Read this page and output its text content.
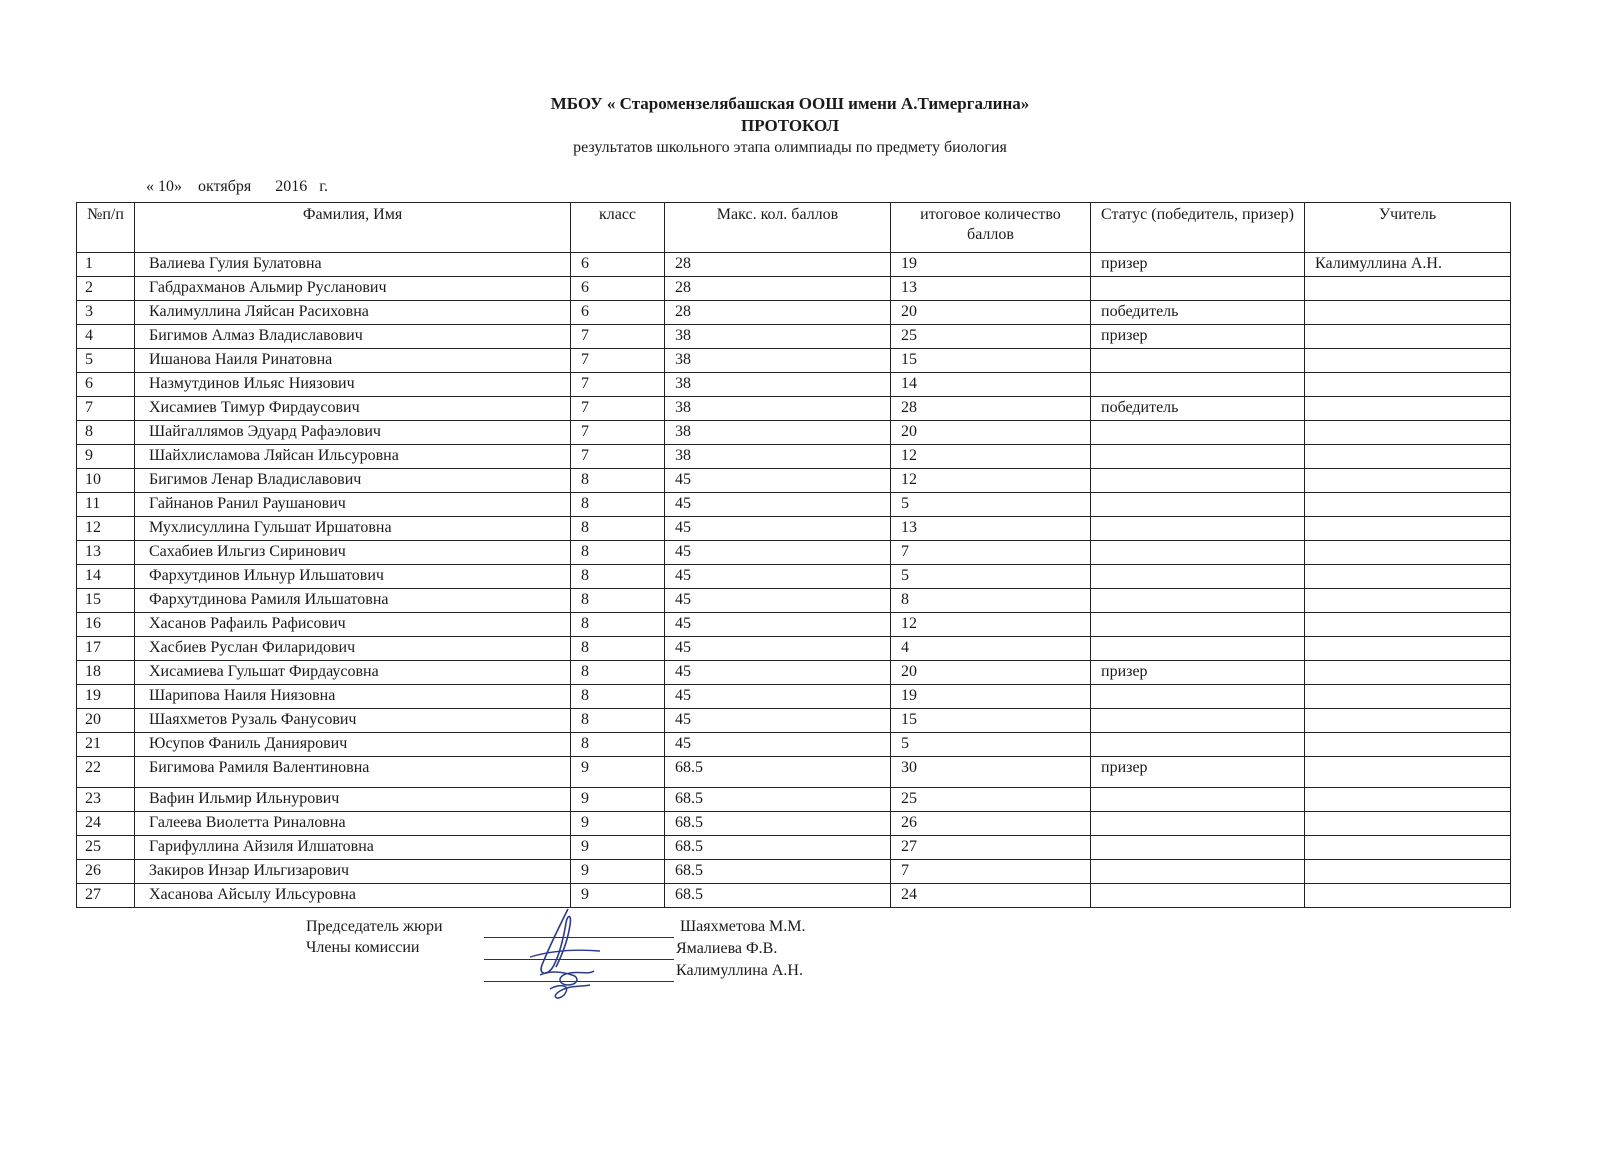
МБОУ « Старомензелябашская ООШ имени А.Тимергалина»
ПРОТОКОЛ
результатов школьного этапа олимпиады по предмету биология
« 10»    октября      2016   г.
№п/п	Фамилия, Имя	класс	Макс. кол. баллов	итоговое количество баллов	Статус (победитель, призер)	Учитель
1	Валиева Гулия Булатовна	6	28	19	призер	Калимуллина А.Н.
2	Габдрахманов Альмир Русланович	6	28	13		
3	Калимуллина Ляйсан Расиховна	6	28	20	победитель	
4	Бигимов Алмаз Владиславович	7	38	25	призер	
5	Ишанова Наиля Ринатовна	7	38	15		
6	Назмутдинов Ильяс Ниязович	7	38	14		
7	Хисамиев Тимур Фирдаусович	7	38	28	победитель	
8	Шайгаллямов Эдуард Рафаэлович	7	38	20		
9	Шайхлисламова Ляйсан Ильсуровна	7	38	12		
10	Бигимов Ленар Владиславович	8	45	12		
11	Гайнанов Ранил Раушанович	8	45	5		
12	Мухлисуллина Гульшат Иршатовна	8	45	13		
13	Сахабиев Ильгиз Сиринович	8	45	7		
14	Фархутдинов Ильнур Ильшатович	8	45	5		
15	Фархутдинова Рамиля Ильшатовна	8	45	8		
16	Хасанов Рафаиль Рафисович	8	45	12		
17	Хасбиев Руслан Филаридович	8	45	4		
18	Хисамиева Гульшат Фирдаусовна	8	45	20	призер	
19	Шарипова Наиля Ниязовна	8	45	19		
20	Шаяхметов Рузаль Фанусович	8	45	15		
21	Юсупов Фаниль Даниярович	8	45	5		
22	Бигимова Рамиля Валентиновна	9	68.5	30	призер	
23	Вафин Ильмир Ильнурович	9	68.5	25		
24	Галеева Виолетта Риналовна	9	68.5	26		
25	Гарифуллина Айзиля Илшатовна	9	68.5	27		
26	Закиров Инзар Ильгизарович	9	68.5	7		
27	Хасанова Айсылу Ильсуровна	9	68.5	24		
Председатель жюри
Члены комиссии
Шаяхметова М.М.
Ямалиева Ф.В.
Калимуллина А.Н.
